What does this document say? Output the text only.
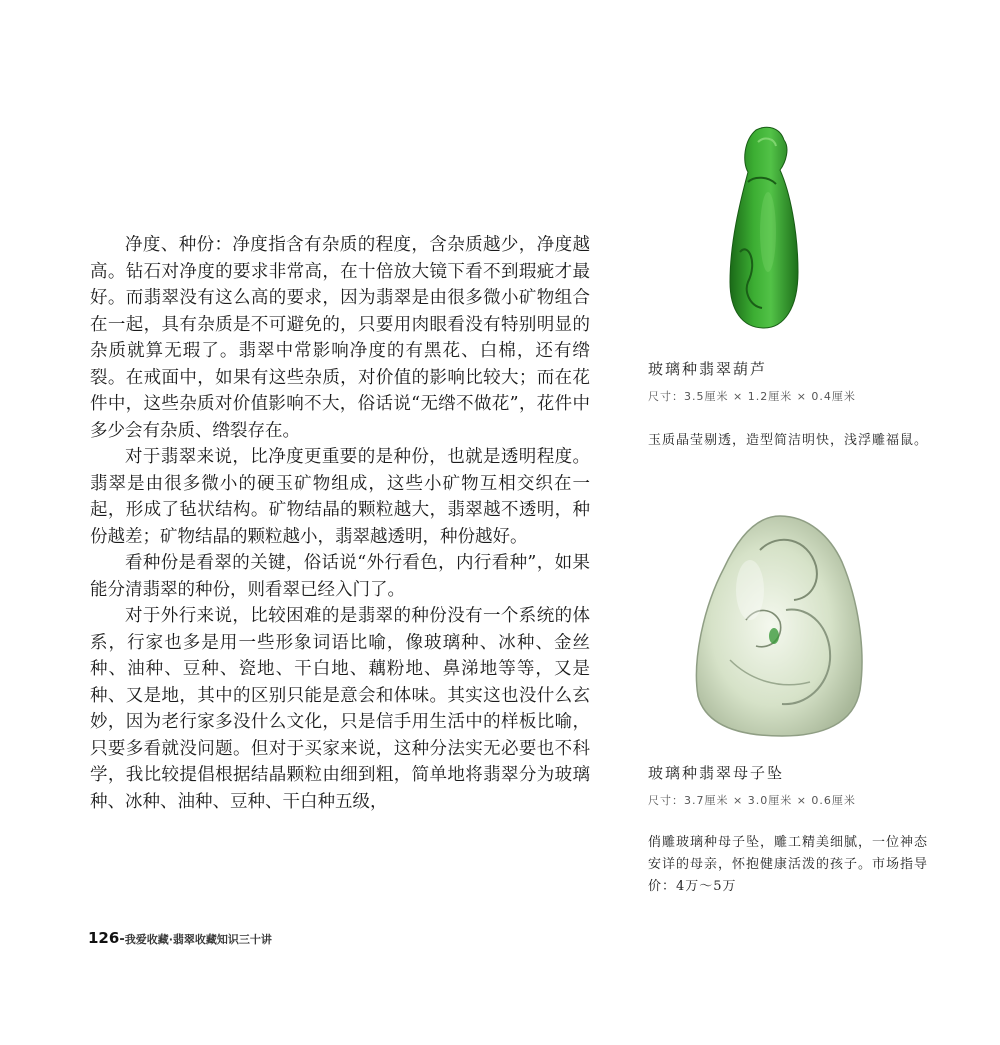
净度、种份：净度指含有杂质的程度，含杂质越少，净度越高。钻石对净度的要求非常高，在十倍放大镜下看不到瑕疵才最好。而翡翠没有这么高的要求，因为翡翠是由很多微小矿物组合在一起，具有杂质是不可避免的，只要用肉眼看没有特别明显的杂质就算无瑕了。翡翠中常影响净度的有黑花、白棉，还有绺裂。在戒面中，如果有这些杂质，对价值的影响比较大；而在花件中，这些杂质对价值影响不大，俗话说“无绺不做花”，花件中多少会有杂质、绺裂存在。

对于翡翠来说，比净度更重要的是种份，也就是透明程度。翡翠是由很多微小的硬玉矿物组成，这些小矿物互相交织在一起，形成了毡状结构。矿物结晶的颗粒越大，翡翠越不透明，种份越差；矿物结晶的颗粒越小，翡翠越透明，种份越好。

看种份是看翠的关键，俗话说“外行看色，内行看种”，如果能分清翡翠的种份，则看翠已经入门了。

对于外行来说，比较困难的是翡翠的种份没有一个系统的体系，行家也多是用一些形象词语比喻，像玻璃种、冰种、金丝种、油种、豆种、瓷地、干白地、藕粉地、鼻涕地等等，又是种、又是地，其中的区别只能是意会和体味。其实这也没什么玄妙，因为老行家多没什么文化，只是信手用生活中的样板比喻，只要多看就没问题。但对于买家来说，这种分法实无必要也不科学，我比较提倡根据结晶颗粒由细到粗，简单地将翡翠分为玻璃种、冰种、油种、豆种、干白种五级，

玻璃种翡翠葫芦

尺寸：3.5厘米 × 1.2厘米 × 0.4厘米

玉质晶莹剔透，造型简洁明快，浅浮雕福鼠。

玻璃种翡翠母子坠

尺寸：3.7厘米 × 3.0厘米 × 0.6厘米

俏雕玻璃种母子坠，雕工精美细腻，一位神态安详的母亲，怀抱健康活泼的孩子。市场指导价：4万～5万

126-我爱收藏·翡翠收藏知识三十讲
